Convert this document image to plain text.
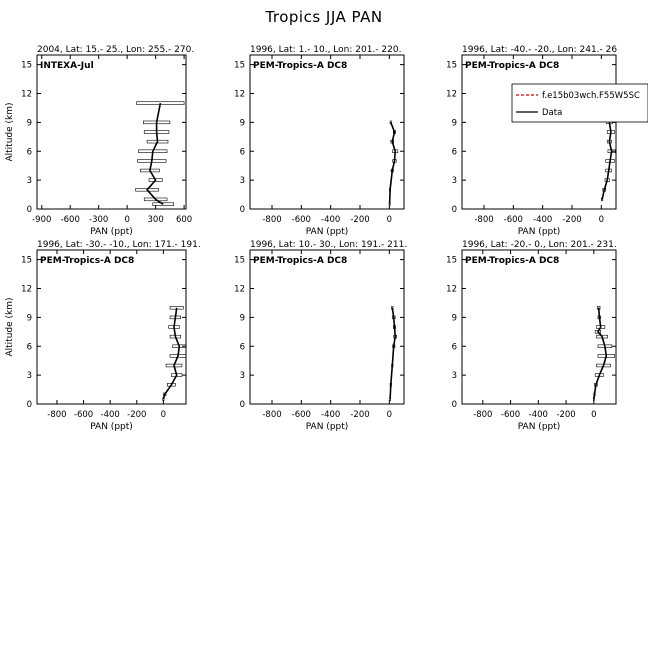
Tropics JJA PAN
-900 -600 -300 0 300 600
0
3
6
9
12
15
2004, Lat: 15.- 25., Lon: 255.- 270.
INTEXA-Jul
PAN (ppt)
Altitude (km)
-800 -600 -400 -200 0
0
3
6
9
12
15
1996, Lat: 1.- 10., Lon: 201.- 220.
PEM-Tropics-A DC8
PAN (ppt)
-800 -600 -400 -200 0
0
3
6
9
12
15
1996, Lat: -40.- -20., Lon: 241.- 26
PEM-Tropics-A DC8
PAN (ppt)
-800 -600 -400 -200 0
0
3
6
9
12
15
1996, Lat: -30.- -10., Lon: 171.- 191.
PEM-Tropics-A DC8
PAN (ppt)
Altitude (km)
-800 -600 -400 -200 0
0
3
6
9
12
15
1996, Lat: 10.- 30., Lon: 191.- 211.
PEM-Tropics-A DC8
PAN (ppt)
-800 -600 -400 -200 0
0
3
6
9
12
15
1996, Lat: -20.- 0., Lon: 201.- 231.
PEM-Tropics-A DC8
PAN (ppt)
f.e15b03wch.F55W5SC
Data
